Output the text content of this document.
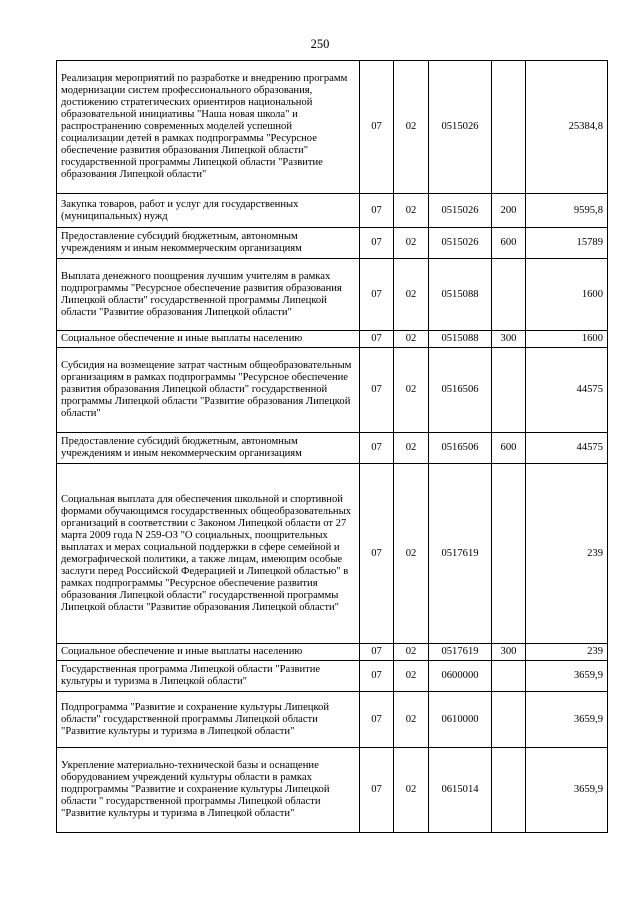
250
Реализация мероприятий по разработке и внедрению программ модернизации систем профессионального образования, достижению стратегических ориентиров национальной образовательной инициативы "Наша новая школа" и распространению современных моделей успешной социализации детей в рамках подпрограммы "Ресурсное обеспечение развития образования Липецкой области" государственной программы Липецкой области "Развитие образования Липецкой области"	07	02	0515026		25384,8
Закупка товаров, работ и услуг для государственных (муниципальных) нужд	07	02	0515026	200	9595,8
Предоставление субсидий бюджетным, автономным учреждениям и иным некоммерческим организациям	07	02	0515026	600	15789
Выплата денежного поощрения лучшим учителям в рамках подпрограммы "Ресурсное обеспечение развития образования Липецкой области" государственной программы Липецкой области "Развитие образования Липецкой области"	07	02	0515088		1600
Социальное обеспечение и иные выплаты населению	07	02	0515088	300	1600
Субсидия на возмещение затрат частным общеобразовательным организациям в рамках подпрограммы "Ресурсное обеспечение развития образования Липецкой области" государственной программы Липецкой области "Развитие образования Липецкой области"	07	02	0516506		44575
Предоставление субсидий бюджетным, автономным учреждениям и иным некоммерческим организациям	07	02	0516506	600	44575
Социальная выплата для обеспечения школьной и спортивной формами обучающимся государственных общеобразовательных организаций в соответствии с Законом Липецкой области от 27 марта 2009 года N 259-ОЗ "О социальных, поощрительных выплатах и мерах социальной поддержки в сфере семейной и демографической политики, а также лицам, имеющим особые заслуги перед Российской Федерацией и Липецкой областью" в рамках подпрограммы "Ресурсное обеспечение развития образования Липецкой области" государственной программы Липецкой области "Развитие образования Липецкой области"	07	02	0517619		239
Социальное обеспечение и иные выплаты населению	07	02	0517619	300	239
Государственная программа Липецкой области "Развитие культуры и туризма в Липецкой области"	07	02	0600000		3659,9
Подпрограмма "Развитие и сохранение культуры Липецкой области" государственной программы Липецкой области "Развитие культуры и туризма в Липецкой области"	07	02	0610000		3659,9
Укрепление материально-технической базы и оснащение оборудованием учреждений культуры области в рамках подпрограммы "Развитие и сохранение культуры Липецкой области " государственной программы Липецкой области "Развитие культуры и туризма в Липецкой области"	07	02	0615014		3659,9
